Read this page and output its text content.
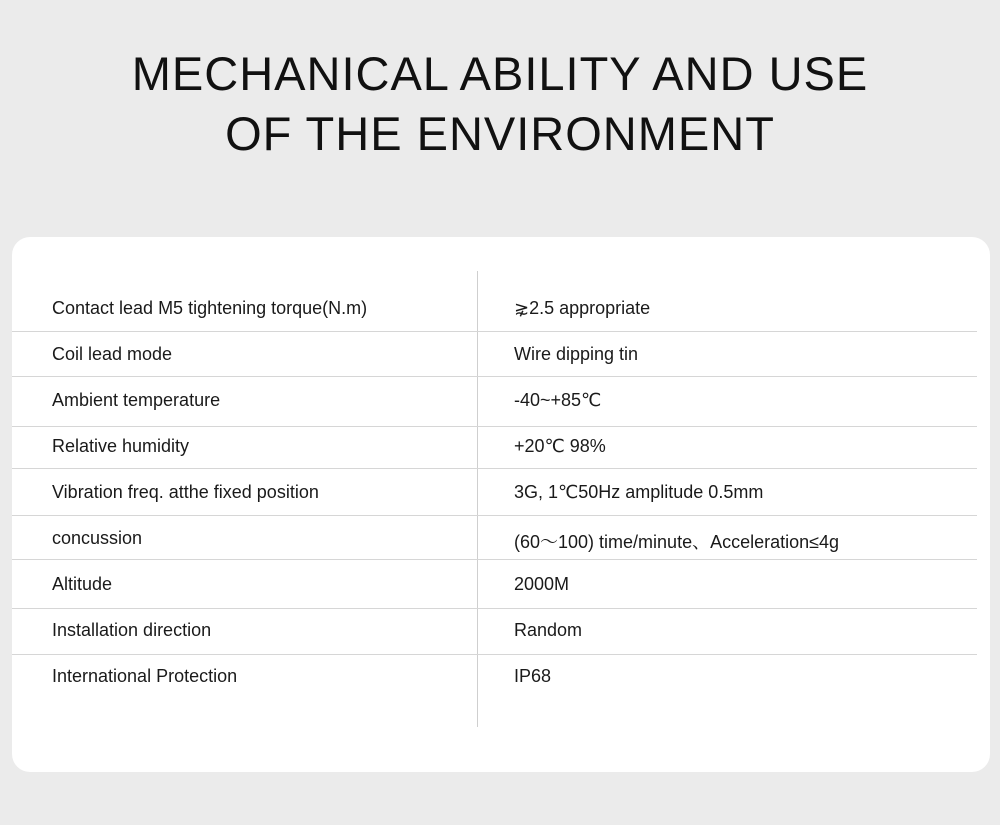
MECHANICAL ABILITY AND USE
OF THE ENVIRONMENT
Contact lead M5 tightening torque(N.m)	⋧2.5 appropriate
Coil lead mode	Wire dipping tin
Ambient temperature	-40~+85℃
Relative humidity	+20℃ 98%
Vibration freq. atthe fixed position	3G, 1℃50Hz amplitude 0.5mm
concussion	(60～100) time/minute、Acceleration≤4g
Altitude	2000M
Installation direction	Random
International Protection	IP68
